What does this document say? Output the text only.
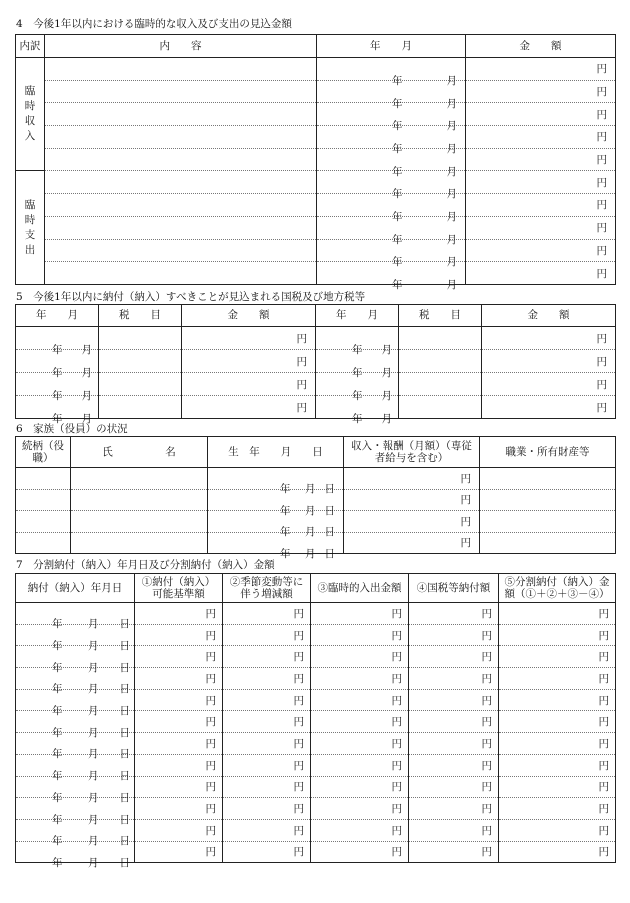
4　今後1年以内における臨時的な収入及び支出の見込金額
内訳	内　　容	年　　月	金　　額
臨時収入		年 月	円

		年 月	円

		年 月	円

		年 月	円

		年 月	円
臨時支出		年 月	円

		年 月	円

		年 月	円

		年 月	円

		年 月	円
5　今後1年以内に納付（納入）すべきことが見込まれる国税及び地方税等
年　　月	税　　目	金　　額	年　　月	税　　目	金　　額

年 月		円	年 月		円

年 月		円	年 月		円

年 月		円	年 月		円

年 月		円	年 月		円
6　家族（役員）の状況
続柄（役職）	氏　　　　　名	生　年　　月　　日	収入・報酬（月額）（専従者給与を含む）	職業・所有財産等

		年 月 日	円	

		年 月 日	円	

		年 月 日	円	

		年 月 日	円	
7　分割納付（納入）年月日及び分割納付（納入）金額
納付（納入）年月日	①納付（納入）可能基準額	②季節変動等に伴う増減額	③臨時的入出金額	④国税等納付額	⑤分割納付（納入）金額（①＋②＋③－④）

年 月 日	円	円	円	円	円

年 月 日	円	円	円	円	円

年 月 日	円	円	円	円	円

年 月 日	円	円	円	円	円

年 月 日	円	円	円	円	円

年 月 日	円	円	円	円	円

年 月 日	円	円	円	円	円

年 月 日	円	円	円	円	円

年 月 日	円	円	円	円	円

年 月 日	円	円	円	円	円

年 月 日	円	円	円	円	円

年 月 日	円	円	円	円	円
